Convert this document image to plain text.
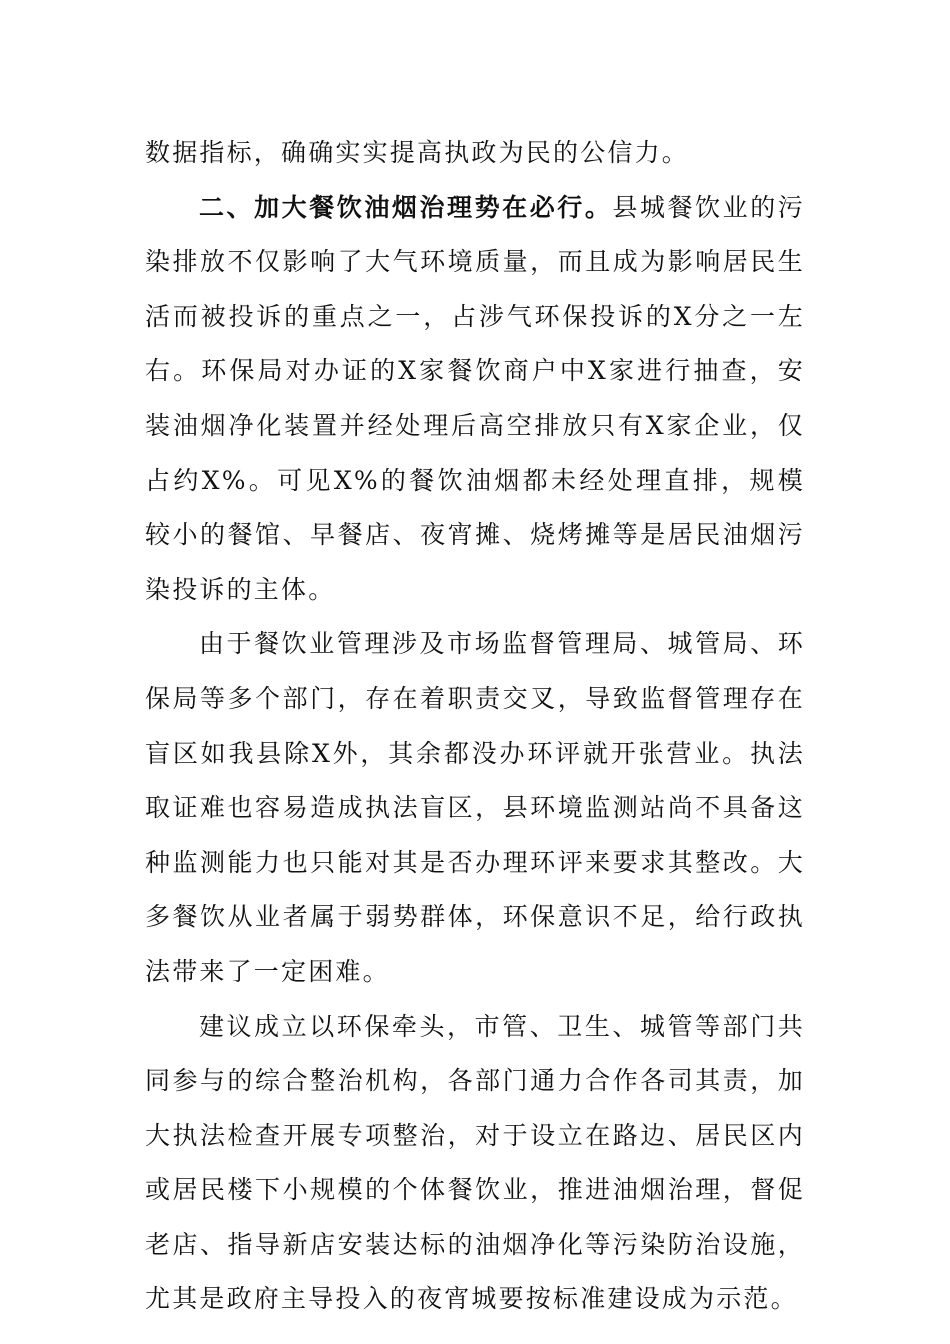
数据指标，确确实实提高执政为民的公信力。

二、加大餐饮油烟治理势在必行。县城餐饮业的污染排放不仅影响了大气环境质量，而且成为影响居民生活而被投诉的重点之一，占涉气环保投诉的X分之一左右。环保局对办证的X家餐饮商户中X家进行抽查，安装油烟净化装置并经处理后高空排放只有X家企业，仅占约X%。可见X%的餐饮油烟都未经处理直排，规模较小的餐馆、早餐店、夜宵摊、烧烤摊等是居民油烟污染投诉的主体。

由于餐饮业管理涉及市场监督管理局、城管局、环保局等多个部门，存在着职责交叉，导致监督管理存在盲区如我县除X外，其余都没办环评就开张营业。执法取证难也容易造成执法盲区，县环境监测站尚不具备这种监测能力也只能对其是否办理环评来要求其整改。大多餐饮从业者属于弱势群体，环保意识不足，给行政执法带来了一定困难。

建议成立以环保牵头，市管、卫生、城管等部门共同参与的综合整治机构，各部门通力合作各司其责，加大执法检查开展专项整治，对于设立在路边、居民区内或居民楼下小规模的个体餐饮业，推进油烟治理，督促老店、指导新店安装达标的油烟净化等污染防治设施，尤其是政府主导投入的夜宵城要按标准建设成为示范。
